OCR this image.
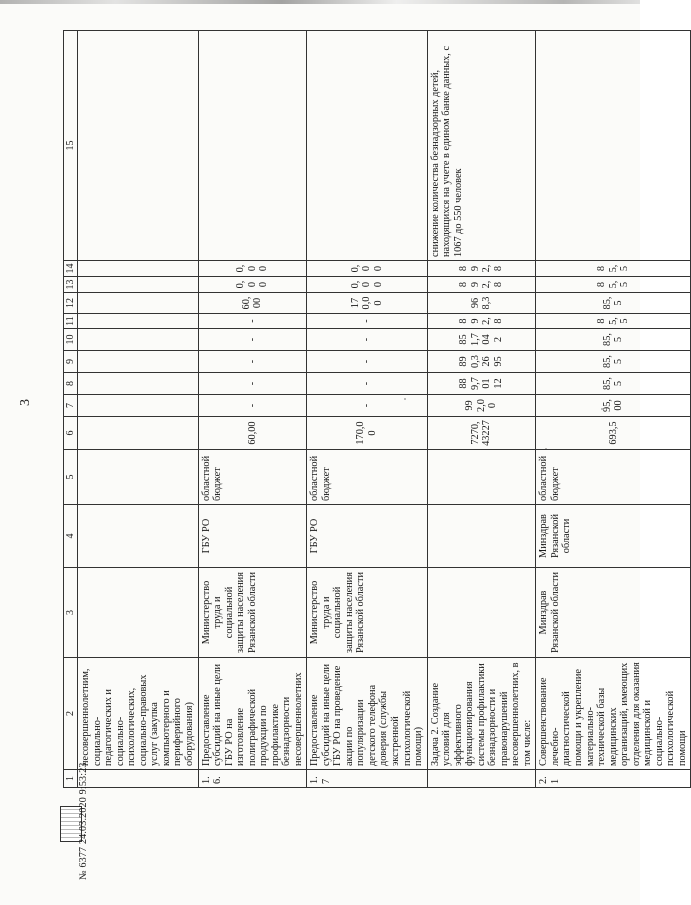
3
1	2	3	4	5	6	7	8	9	10	11	12	13	14	15
	несовершеннолетним, социально-педагогических и социально-психологических, социально-правовых услуг (закупка компьютерного и периферийного оборудования)													
1.6.	Предоставление субсидий на иные цели ГБУ РО на изготовление полиграфической продукции по профилактике безнадзорности несовершеннолетних	Министерство труда и социальной защиты населения Рязанской области	ГБУ РО	областной бюджет	60,00	-	-	-	-	-	60,00	0,00	0,00	
1.7	Предоставление субсидий на иные цели ГБУ РО на проведение акции по популяризации детского телефона доверия (службы экстренной психологической помощи)	Министерство труда и социальной защиты населения Рязанской области	ГБУ РО	областной бюджет	170,00	-	-	-	-	-	170,00	0,00	0,00	
	Задача 2. Создание условий для эффективного функционирования системы профилактики безнадзорности и правонарушений несовершеннолетних, в том числе:				7270,43227	992,00	889,70112	890,32695	851,7042	892,8	968,3	892,8	892,8	снижение количества безнадзорных детей, находящихся на учете в едином банке данных, с 1067 до 550 человек
2.1	Совершенствование лечебно-диагностической помощи и укрепление материально-технической базы медицинских организаций, имеющих отделения для оказания медицинской и социально-психологической помощи	Минздрав Рязанской области	Минздрав Рязанской области	областной бюджет	693,5	95,00	85,5	85,5	85,5	85,5	85,5	85,5	85,5	
№ 6377 24.03.2020 9:53:23
